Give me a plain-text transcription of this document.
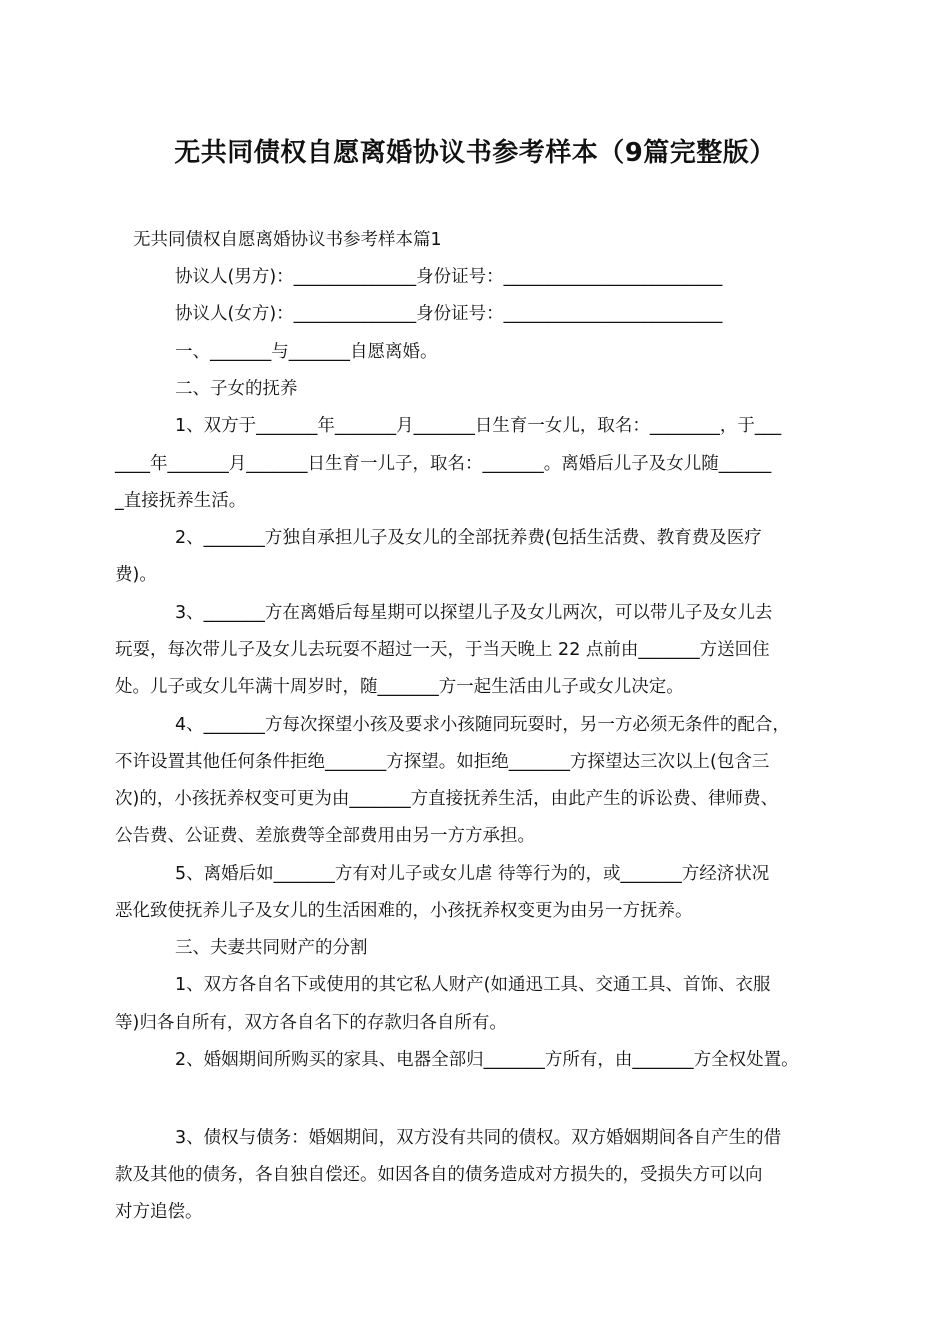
无共同债权自愿离婚协议书参考样本（9篇完整版）

无共同债权自愿离婚协议书参考样本篇1

协议人(男方)：______________身份证号：_________________________

协议人(女方)：______________身份证号：_________________________

一、_______与_______自愿离婚。

二、子女的抚养

1、双方于_______年_______月_______日生育一女儿，取名：________，于___

____年_______月_______日生育一儿子，取名：_______。离婚后儿子及女儿随______

_直接抚养生活。

2、_______方独自承担儿子及女儿的全部抚养费(包括生活费、教育费及医疗

费)。

3、_______方在离婚后每星期可以探望儿子及女儿两次，可以带儿子及女儿去

玩耍，每次带儿子及女儿去玩耍不超过一天，于当天晚上 22 点前由_______方送回住

处。儿子或女儿年满十周岁时，随_______方一起生活由儿子或女儿决定。

4、_______方每次探望小孩及要求小孩随同玩耍时，另一方必须无条件的配合，

不许设置其他任何条件拒绝_______方探望。如拒绝_______方探望达三次以上(包含三

次)的，小孩抚养权变可更为由_______方直接抚养生活，由此产生的诉讼费、律师费、

公告费、公证费、差旅费等全部费用由另一方方承担。

5、离婚后如_______方有对儿子或女儿虐 待等行为的，或_______方经济状况

恶化致使抚养儿子及女儿的生活困难的，小孩抚养权变更为由另一方抚养。

三、夫妻共同财产的分割

1、双方各自名下或使用的其它私人财产(如通迅工具、交通工具、首饰、衣服

等)归各自所有，双方各自名下的存款归各自所有。

2、婚姻期间所购买的家具、电器全部归_______方所有，由_______方全权处置。

3、债权与债务：婚姻期间，双方没有共同的债权。双方婚姻期间各自产生的借

款及其他的债务，各自独自偿还。如因各自的债务造成对方损失的，受损失方可以向

对方追偿。
